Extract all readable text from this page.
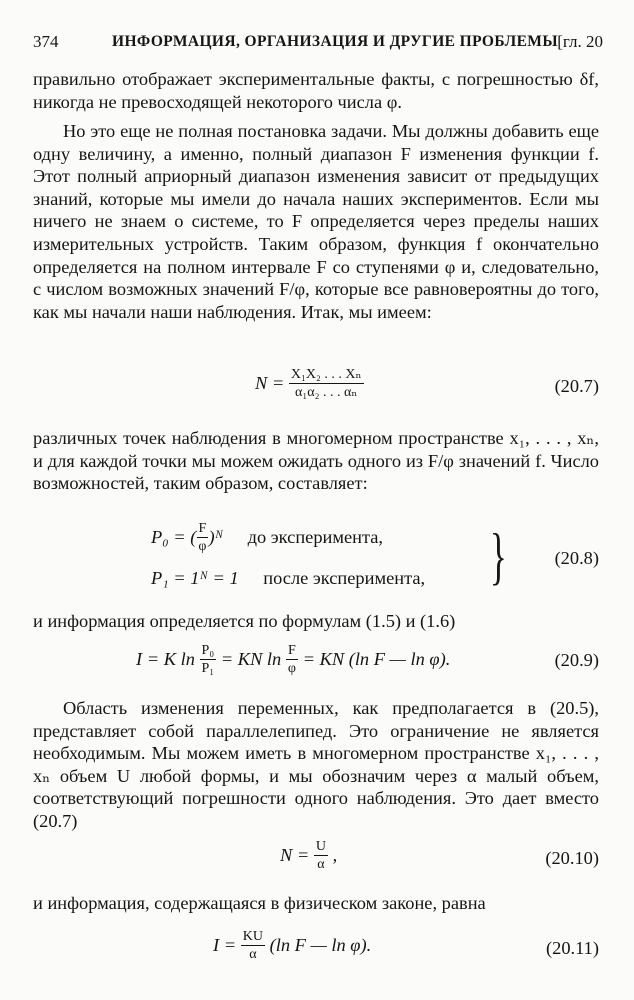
374	ИНФОРМАЦИЯ, ОРГАНИЗАЦИЯ И ДРУГИЕ ПРОБЛЕМЫ [гл. 20
правильно отображает экспериментальные факты, с погрешностью δf, никогда не превосходящей некоторого числа φ.
Но это еще не полная постановка задачи. Мы должны добавить еще одну величину, а именно, полный диапазон F изменения функции f. Этот полный априорный диапазон изменения зависит от предыдущих знаний, которые мы имели до начала наших экспериментов. Если мы ничего не знаем о системе, то F определяется через пределы наших измерительных устройств. Таким образом, функция f окончательно определяется на полном интервале F со ступенями φ и, следовательно, с числом возможных значений F/φ, которые все равновероятны до того, как мы начали наши наблюдения. Итак, мы имеем:
$N = \frac{\text{X₁X₂ . . . Xₙ}}{\text{α₁α₂ . . . αₙ}}$	(20.7)
различных точек наблюдения в многомерном пространстве x₁, . . . , xₙ, и для каждой точки мы можем ожидать одного из F/φ значений f. Число возможностей, таким образом, составляет:
P₀ = ( $\frac{F}{\varphi}$ )ᴺ до эксперимента,
P₁ = 1ᴺ = 1 после эксперимента, }	(20.8)
и информация определяется по формулам (1.5) и (1.6)
I = K $\ln \frac{\text{P₀}}{\text{P₁}}$ = KN $\ln \frac{F}{\varphi}$ = KN (ln F — ln φ).	(20.9)
Область изменения переменных, как предполагается в (20.5), представляет собой параллелепипед. Это ограничение не является необходимым. Мы можем иметь в многомерном пространстве x₁, . . . , xₙ объем U любой формы, и мы обозначим через α малый объем, соответствующий погрешности одного наблюдения. Это дает вместо (20.7)
$N = \frac{U}{\alpha}$ ,	(20.10)
и информация, содержащаяся в физическом законе, равна
$I = \frac{KU}{\alpha} (\ln$ F — ln φ).	(20.11)
